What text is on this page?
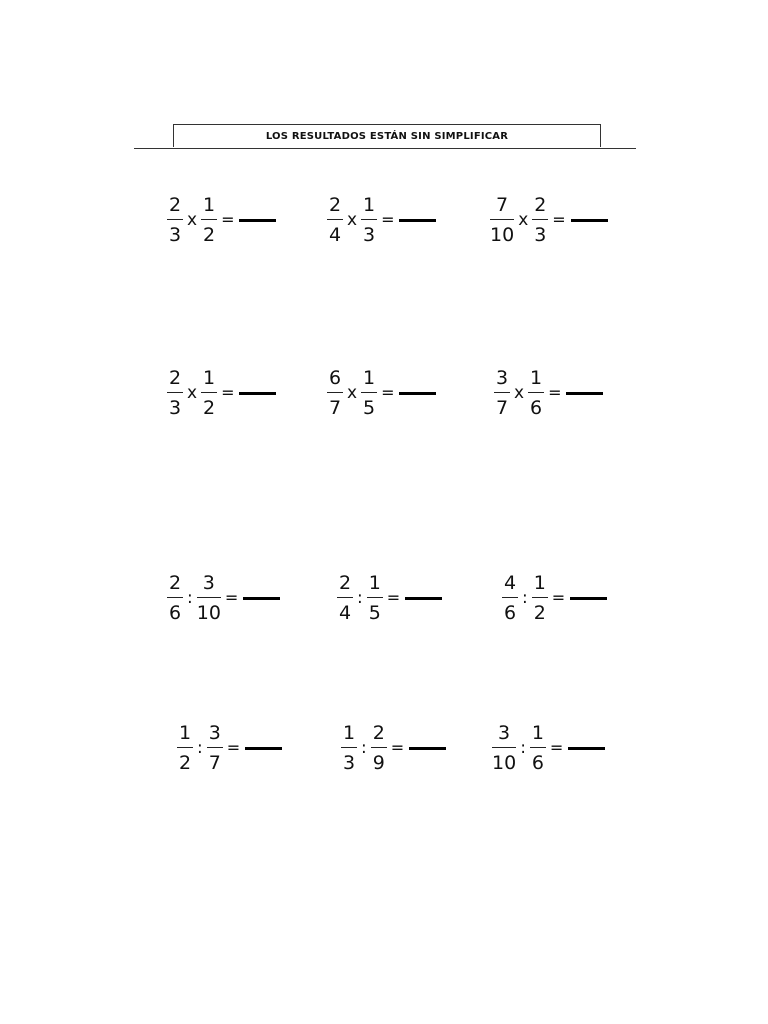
LOS RESULTADOS ESTÁN SIN SIMPLIFICAR
$\frac{2}{3}$ x $\frac{1}{2}$ =	$\frac{2}{4}$ x $\frac{1}{3}$ =	$\frac{7}{10}$ x $\frac{2}{3}$ =
$\frac{2}{3}$ x $\frac{1}{2}$ =	$\frac{6}{7}$ x $\frac{1}{5}$ =	$\frac{3}{7}$ x $\frac{1}{6}$ =
$\frac{2}{6}$ : $\frac{3}{10}$ =	$\frac{2}{4}$ : $\frac{1}{5}$ =	$\frac{4}{6}$ : $\frac{1}{2}$ =
$\frac{1}{2}$ : $\frac{3}{7}$ =	$\frac{1}{3}$ : $\frac{2}{9}$ =	$\frac{3}{10}$ : $\frac{1}{6}$ =
